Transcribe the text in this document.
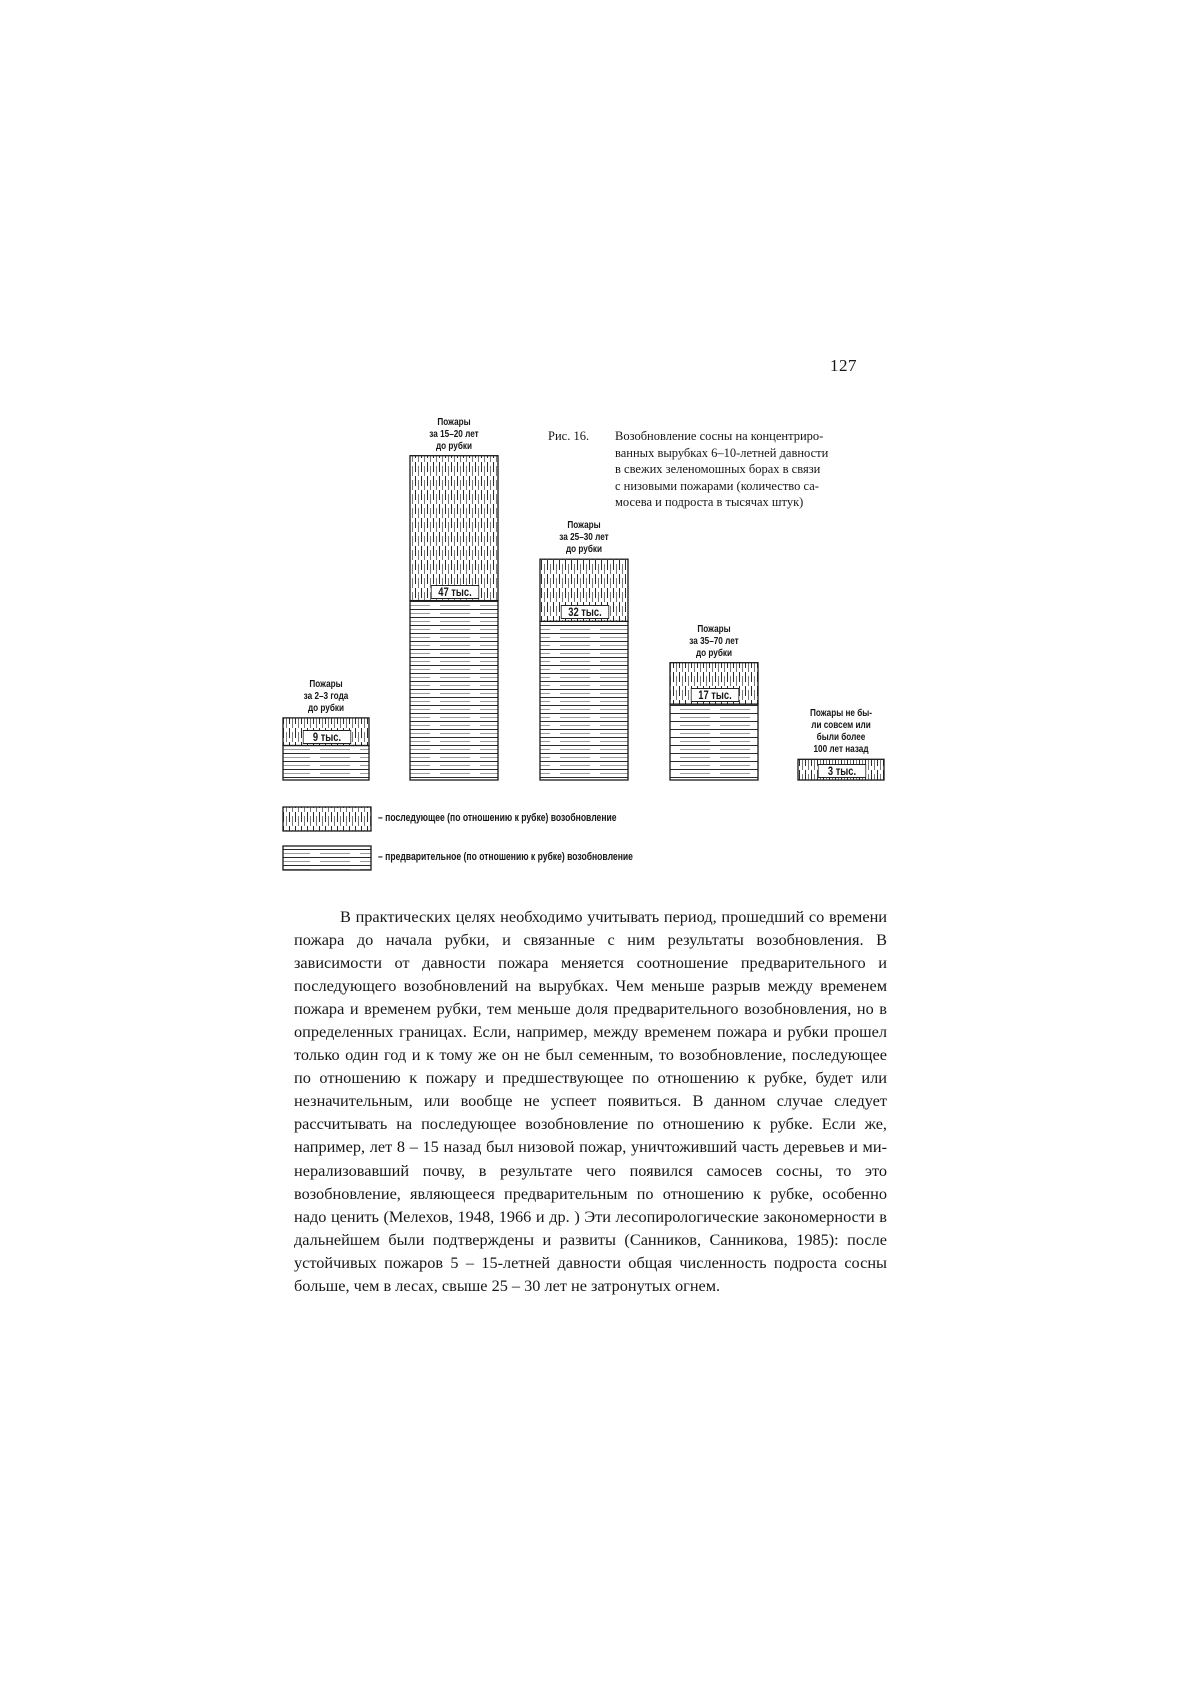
127
9 тыс.
Пожары
за 2–3 года
до рубки
47 тыс.
Пожары
за 15–20 лет
до рубки
32 тыс.
Пожары
за 25–30 лет
до рубки
17 тыс.
Пожары
за 35–70 лет
до рубки
3 тыс.
Пожары не бы-
ли совсем или
были более
100 лет назад
– последующее (по отношению к рубке) возобновление
– предварительное (по отношению к рубке) возобновление
Рис. 16. Возобновление сосны на концентриро-
ванных вырубках 6–10-летней давности
в свежих зеленомошных борах в связи
с низовыми пожарами (количество са-
мосева и подроста в тысячах штук)

В практических целях необходимо учитывать период, прошедший со времени пожара до начала рубки, и связанные с ним результаты возобновления. В зависимости от давности пожара меняется соотношение предварительного и последующего возобновлений на вырубках. Чем меньше разрыв между временем пожара и временем рубки, тем меньше доля предварительного возобновления, но в определенных границах. Если, например, между временем пожара и рубки прошел только один год и к тому же он не был семенным, то возобновление, последующее по отношению к пожару и предшествующее по отношению к рубке, будет или незначительным, или вообще не успеет появиться. В данном случае следует рассчитывать на последующее возобновление по отношению к рубке. Если же, например, лет 8 – 15 назад был низовой пожар, уничтоживший часть деревьев и минерализовавший почву, в результате чего появился самосев сосны, то это возобновление, являющееся предварительным по отношению к рубке, особенно надо ценить (Мелехов, 1948, 1966 и др. ) Эти лесопирологические закономерности в дальнейшем были подтверждены и развиты (Санников, Санникова, 1985): после устойчивых пожаров 5 – 15-летней давности общая численность подроста сосны больше, чем в лесах, свыше 25 – 30 лет не затронутых огнем.
